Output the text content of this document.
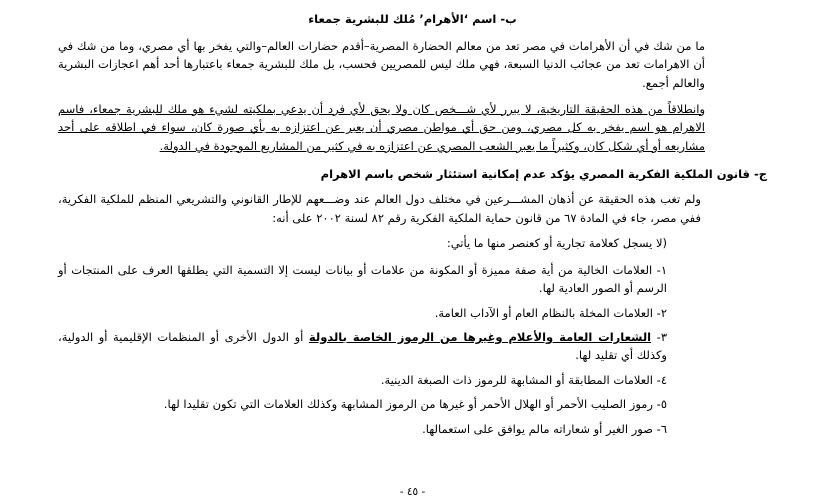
ب- اسم ‘الأهرام’ مُلك للبشرية جمعاء

ما من شك في أن الأهرامات في مصر تعد من معالم الحضارة المصرية–أقدم حضارات العالم–والتي يفخر بها أي مصري، وما من شك في أن الاهرامات تعد من عجائب الدنيا السبعة، فهي ملك ليس للمصريين فحسب، بل ملك للبشرية جمعاء باعتبارها أحد أهم اعجازات البشرية والعالم أجمع.

وانطلاقاً من هذه الحقيقة التاريخية، لا يبرر لأي شـــخص كان ولا يحق لأي فرد أن يدعي بملكيته لشيء هو ملك للبشرية جمعاء، فاسم الاهرام هو اسم يفخر به كل مصري، ومن حق أي مواطن مصري أن يعبر عن اعتزازه به بأي صورة كان، سواء في اطلاقه على أحد مشاريعه أو أي شكل كان، وكثيراً ما يعبر الشعب المصري عن اعتزازه به في كثير من المشاريع الموجودة في الدولة.

ج- قانون الملكية الفكرية المصري يؤكد عدم إمكانية استئثار شخص باسم الاهرام

ولم تغب هذه الحقيقة عن أذهان المشـــرعين في مختلف دول العالم عند وضـــعهم للإطار القانوني والتشريعي المنظم للملكية الفكرية، ففي مصر، جاء في المادة ٦٧ من قانون حماية الملكية الفكرية رقم ٨٢ لسنة ٢٠٠٢ على أنه:

(لا يسجل كعلامة تجارية أو كعنصر منها ما يأتي:
١- العلامات الخالية من أية صفة مميزة أو المكونة من علامات أو بيانات ليست إلا التسمية التي يطلقها العرف على المنتجات أو الرسم أو الصور العادية لها.
٢- العلامات المخلة بالنظام العام أو الآداب العامة.
٣- الشعارات العامة والأعلام وغيرها من الرموز الخاصة بالدولة أو الدول الأخرى أو المنظمات الإقليمية أو الدولية، وكذلك أي تقليد لها.
٤- العلامات المطابقة أو المشابهة للرموز ذات الصبغة الدينية.
٥- رموز الصليب الأحمر أو الهلال الأحمر أو غيرها من الرموز المشابهة وكذلك العلامات التي تكون تقليدا لها.
٦- صور الغير أو شعاراته مالم يوافق على استعمالها.
- ٤٥ -
